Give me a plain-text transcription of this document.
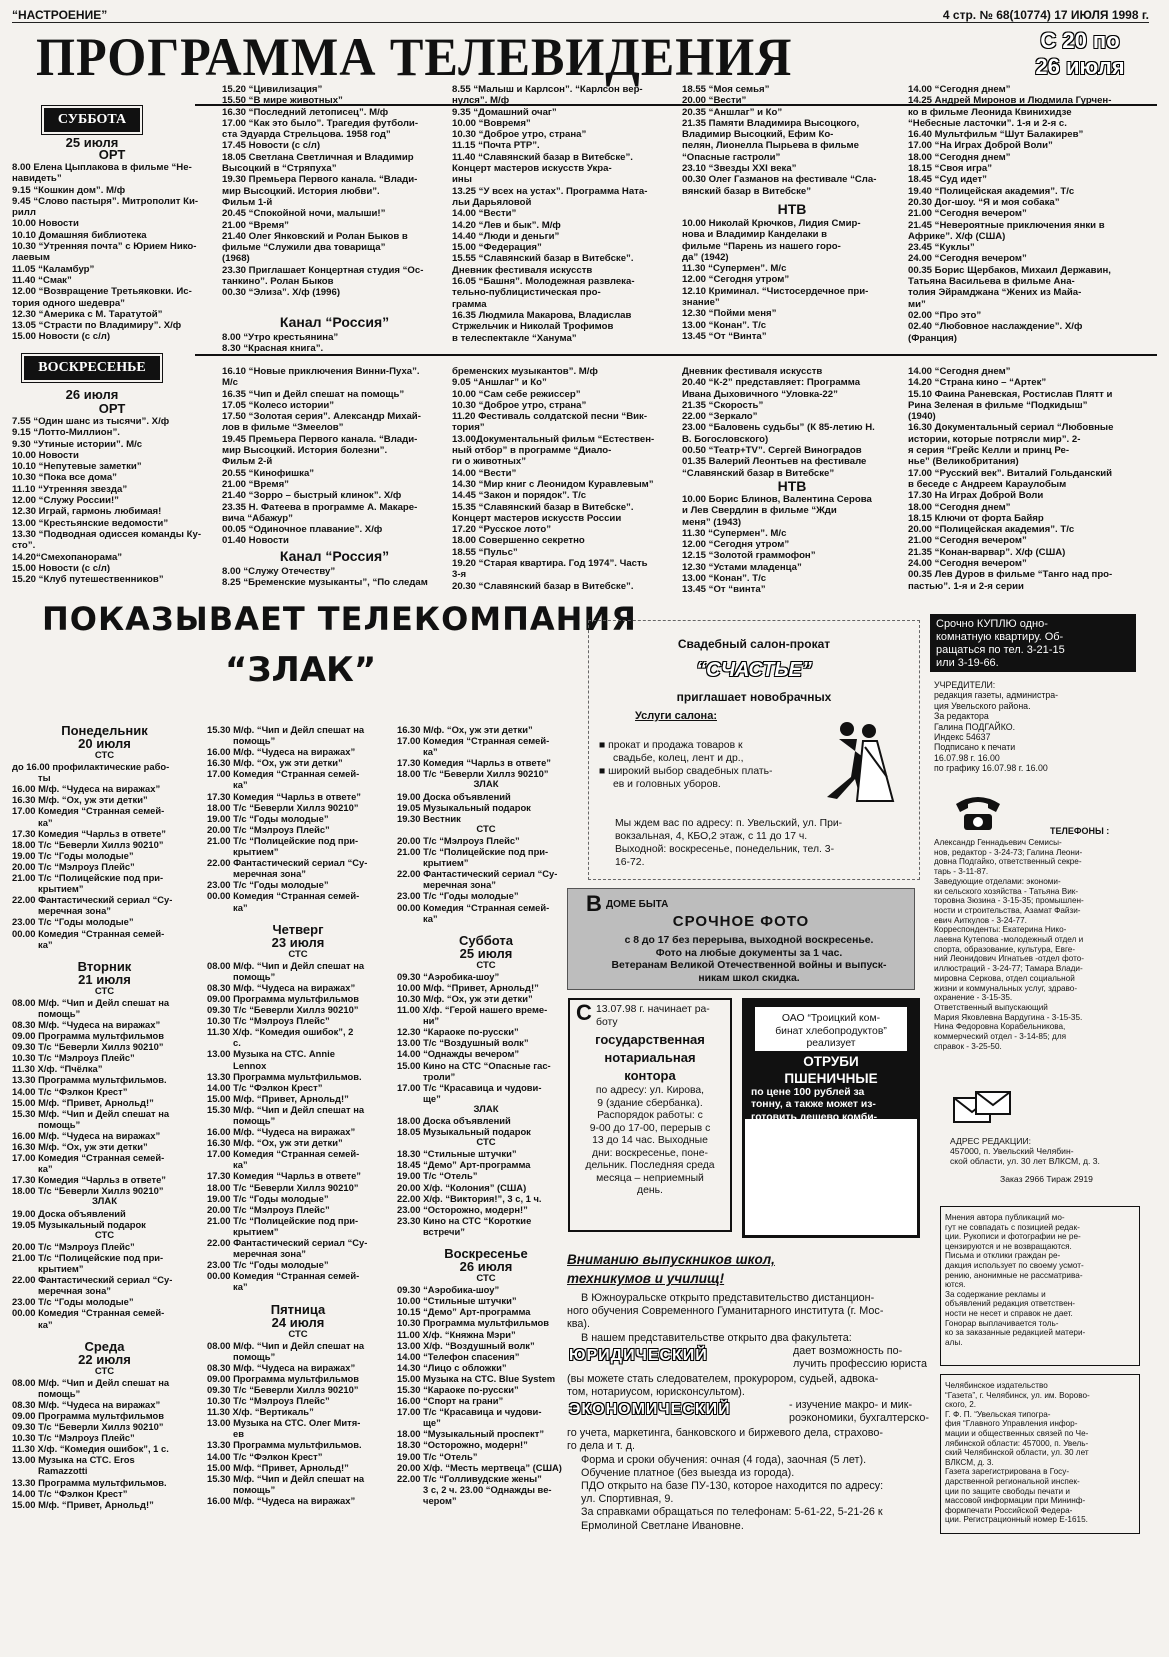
“НАСТРОЕНИЕ”	4 стр. № 68(10774) 17 ИЮЛЯ 1998 г.
ПРОГРАММА ТЕЛЕВИДЕНИЯ	С 20 по
26 июля
СУББОТА
25 июля
ОРТ
8.00 Елена Цыплакова в фильме “Не-
навидеть”
9.15 “Кошкин дом”. М/ф
9.45 “Слово пастыря”. Митрополит Ки-
рилл
10.00 Новости
10.10 Домашняя библиотека
10.30 “Утренняя почта” с Юрием Нико-
лаевым
11.05 “Каламбур”
11.40 “Смак”
12.00 “Возвращение Третьяковки. Ис-
тория одного шедевра”
12.30 “Америка с М. Таратутой”
13.05 “Страсти по Владимиру”. Х/ф
15.00 Новости (с с/л)
15.20 “Цивилизация”
15.50 “В мире животных”
16.30 “Последний летописец”. М/ф
17.00 “Как это было”. Трагедия футболи-
ста Эдуарда Стрельцова. 1958 год”
17.45 Новости (с с/л)
18.05 Светлана Светличная и Владимир
Высоцкий в “Стряпуха”
19.30 Премьера Первого канала. “Влади-
мир Высоцкий. История любви”.
Фильм 1-й
20.45 “Спокойной ночи, малыши!”
21.00 “Время”
21.40 Олег Янковский и Ролан Быков в
фильме “Служили два товарища”
(1968)
23.30 Приглашает Концертная студия “Ос-
танкино”. Ролан Быков
00.30 “Элиза”. Х/ф (1996)
Канал “Россия”
8.00 “Утро крестьянина”
8.30 “Красная книга”.
8.55 “Малыш и Карлсон”. “Карлсон вер-
нулся”. М/ф
9.35 “Домашний очаг”
10.00 “Вовремя”
10.30 “Доброе утро, страна”
11.15 “Почта РТР”.
11.40 “Славянский базар в Витебске”.
Концерт мастеров искусств Укра-
ины
13.25 “У всех на устах”. Программа Ната-
льи Дарьяловой
14.00 “Вести”
14.20 “Лев и бык”. М/ф
14.40 “Люди и деньги”
15.00 “Федерация”
15.55 “Славянский базар в Витебске”.
Дневник фестиваля искусств
16.05 “Башня”. Молодежная развлека-
тельно-публицистическая про-
грамма
16.35 Людмила Макарова, Владислав
Стржельчик и Николай Трофимов
в телеспектакле “Ханума”
18.55 “Моя семья”
20.00 “Вести”
20.35 “Аншлаг” и Ко”
21.35 Памяти Владимира Высоцкого,
Владимир Высоцкий, Ефим Ко-
пелян, Лионелла Пырьева в фильме
“Опасные гастроли”
23.10 “Звезды XXI века”
00.30 Олег Газманов на фестивале “Сла-
вянский базар в Витебске”
НТВ
10.00 Николай Крючков, Лидия Смир-
нова и Владимир Канделаки в
фильме “Парень из нашего горо-
да” (1942)
11.30 “Супермен”. М/с
12.00 “Сегодня утром”
12.10 Криминал. “Чистосердечное при-
знание”
12.30 “Пойми меня”
13.00 “Конан”. Т/с
13.45 “От “Винта”
14.00 “Сегодня днем”
14.25 Андрей Миронов и Людмила Гурчен-
ко в фильме Леонида Квинихидзе
“Небесные ласточки”. 1-я и 2-я с.
16.40 Мультфильм “Шут Балакирев”
17.00 “На Играх Доброй Воли”
18.00 “Сегодня днем”
18.15 “Своя игра”
18.45 “Суд идет”
19.40 “Полицейская академия”. Т/с
20.30 Дог-шоу. “Я и моя собака”
21.00 “Сегодня вечером”
21.45 “Невероятные приключения янки в
Африке”. Х/ф (США)
23.45 “Куклы”
24.00 “Сегодня вечером”
00.35 Борис Щербаков, Михаил Державин,
Татьяна Васильева в фильме Ана-
толия Эйрамджана “Жених из Майа-
ми”
02.00 “Про это”
02.40 “Любовное наслаждение”. Х/ф
(Франция)
ВОСКРЕСЕНЬЕ
26 июля
ОРТ
7.55 “Один шанс из тысячи”. Х/ф
9.15 “Лотто-Миллион”.
9.30 “Утиные истории”. М/с
10.00 Новости
10.10 “Непутевые заметки”
10.30 “Пока все дома”
11.10 “Утренняя звезда”
12.00 “Служу России!”
12.30 Играй, гармонь любимая!
13.00 “Крестьянские ведомости”
13.30 “Подводная одиссея команды Ку-
сто”.
14.20“Смехопанорама”
15.00 Новости (с с/л)
15.20 “Клуб путешественников”
16.10 “Новые приключения Винни-Пуха”.
М/с
16.35 “Чип и Дейл спешат на помощь”
17.05 “Колесо истории”
17.50 “Золотая серия”. Александр Михай-
лов в фильме “Змеелов”
19.45 Премьера Первого канала. “Влади-
мир Высоцкий. История болезни”.
Фильм 2-й
20.55 “Кинофишка”
21.00 “Время”
21.40 “Зорро – быстрый клинок”. Х/ф
23.35 Н. Фатеева в программе А. Макаре-
вича “Абажур”
00.05 “Одиночное плавание”. Х/ф
01.40 Новости
Канал “Россия”
8.00 “Служу Отечеству”
8.25 “Бременские музыканты”, “По следам
бременских музыкантов”. М/ф
9.05 “Аншлаг” и Ко”
10.00 “Сам себе режиссер”
10.30 “Доброе утро, страна”
11.20 Фестиваль солдатской песни “Вик-
тория”
13.00Документальный фильм “Естествен-
ный отбор” в программе “Диало-
ги о животных”
14.00 “Вести”
14.30 “Мир книг с Леонидом Куравлевым”
14.45 “Закон и порядок”. Т/с
15.35 “Славянский базар в Витебске”.
Концерт мастеров искусств России
17.20 “Русское лото”
18.00 Совершенно секретно
18.55 “Пульс”
19.20 “Старая квартира. Год 1974”. Часть
3-я
20.30 “Славянский базар в Витебске”.
Дневник фестиваля искусств
20.40 “К-2” представляет: Программа
Ивана Дыховичного “Уловка-22”
21.35 “Скорость”
22.00 “Зеркало”
23.00 “Баловень судьбы” (К 85-летию Н.
В. Богословского)
00.50 “Театр+TV”. Сергей Виноградов
01.35 Валерий Леонтьев на фестивале
“Славянский базар в Витебске”
НТВ
10.00 Борис Блинов, Валентина Серова
и Лев Свердлин в фильме “Жди
меня” (1943)
11.30 “Супермен”. М/с
12.00 “Сегодня утром”
12.15 “Золотой граммофон”
12.30 “Устами младенца”
13.00 “Конан”. Т/с
13.45 “От “винта”
14.00 “Сегодня днем”
14.20 “Страна кино – “Артек”
15.10 Фаина Раневская, Ростислав Плятт и
Рина Зеленая в фильме “Подкидыш”
(1940)
16.30 Документальный сериал “Любовные
истории, которые потрясли мир”. 2-
я серия “Грейс Келли и принц Ре-
нье” (Великобритания)
17.00 “Русский век”. Виталий Гольданский
в беседе с Андреем Караулобым
17.30 На Играх Доброй Воли
18.00 “Сегодня днем”
18.15 Ключи от форта Байяр
20.00 “Полицейская академия”. Т/с
21.00 “Сегодня вечером”
21.35 “Конан-варвар”. Х/ф (США)
24.00 “Сегодня вечером”
00.35 Лев Дуров в фильме “Танго над про-
пастью”. 1-я и 2-я серии
ПОКАЗЫВАЕТ ТЕЛЕКОМПАНИЯ
“ЗЛАК”
Понедельник
20 июля
СТС
до 16.00 профилактические рабо-
ты
16.00 М/ф. “Чудеса на виражах”
16.30 М/ф. “Ох, уж эти детки”
17.00 Комедия “Странная семей-
ка”
17.30 Комедия “Чарльз в ответе”
18.00 Т/с “Беверли Хиллз 90210”
19.00 Т/с “Годы молодые”
20.00 Т/с “Мэлроуз Плейс”
21.00 Т/с “Полицейские под при-
крытием”
22.00 Фантастический сериал “Су-
меречная зона”
23.00 Т/с “Годы молодые”
00.00 Комедия “Странная семей-
ка”
Вторник
21 июля
СТС
08.00 М/ф. “Чип и Дейл спешат на
помощь”
08.30 М/ф. “Чудеса на виражах”
09.00 Программа мультфильмов
09.30 Т/с “Беверли Хиллз 90210”
10.30 Т/с “Мэлроуз Плейс”
11.30 Х/ф. “Пчёлка”
13.30 Программа мультфильмов.
14.00 Т/с “Фэлкон Крест”
15.00 М/ф. “Привет, Арнольд!”
15.30 М/ф. “Чип и Дейл спешат на
помощь”
16.00 М/ф. “Чудеса на виражах”
16.30 М/ф. “Ох, уж эти детки”
17.00 Комедия “Странная семей-
ка”
17.30 Комедия “Чарльз в ответе”
18.00 Т/с “Беверли Хиллз 90210”
ЗЛАК
19.00 Доска объявлений
19.05 Музыкальный подарок
СТС
20.00 Т/с “Мэлроуз Плейс”
21.00 Т/с “Полицейские под при-
крытием”
22.00 Фантастический сериал “Су-
меречная зона”
23.00 Т/с “Годы молодые”
00.00 Комедия “Странная семей-
ка”
Среда
22 июля
СТС
08.00 М/ф. “Чип и Дейл спешат на
помощь”
08.30 М/ф. “Чудеса на виражах”
09.00 Программа мультфильмов
09.30 Т/с “Беверли Хиллз 90210”
10.30 Т/с “Мэлроуз Плейс”
11.30 Х/ф. “Комедия ошибок”, 1 с.
13.00 Музыка на СТС. Eros
Ramazzotti
13.30 Программа мультфильмов.
14.00 Т/с “Фэлкон Крест”
15.00 М/ф. “Привет, Арнольд!”
15.30 М/ф. “Чип и Дейл спешат на
помощь”
16.00 М/ф. “Чудеса на виражах”
16.30 М/ф. “Ох, уж эти детки”
17.00 Комедия “Странная семей-
ка”
17.30 Комедия “Чарльз в ответе”
18.00 Т/с “Беверли Хиллз 90210”
19.00 Т/с “Годы молодые”
20.00 Т/с “Мэлроуз Плейс”
21.00 Т/с “Полицейские под при-
крытием”
22.00 Фантастический сериал “Су-
меречная зона”
23.00 Т/с “Годы молодые”
00.00 Комедия “Странная семей-
ка”
Четверг
23 июля
СТС
08.00 М/ф. “Чип и Дейл спешат на
помощь”
08.30 М/ф. “Чудеса на виражах”
09.00 Программа мультфильмов
09.30 Т/с “Беверли Хиллз 90210”
10.30 Т/с “Мэлроуз Плейс”
11.30 Х/ф. “Комедия ошибок”, 2
с.
13.00 Музыка на СТС. Annie
Lennox
13.30 Программа мультфильмов.
14.00 Т/с “Фэлкон Крест”
15.00 М/ф. “Привет, Арнольд!”
15.30 М/ф. “Чип и Дейл спешат на
помощь”
16.00 М/ф. “Чудеса на виражах”
16.30 М/ф. “Ох, уж эти детки”
17.00 Комедия “Странная семей-
ка”
17.30 Комедия “Чарльз в ответе”
18.00 Т/с “Беверли Хиллз 90210”
19.00 Т/с “Годы молодые”
20.00 Т/с “Мэлроуз Плейс”
21.00 Т/с “Полицейские под при-
крытием”
22.00 Фантастический сериал “Су-
меречная зона”
23.00 Т/с “Годы молодые”
00.00 Комедия “Странная семей-
ка”
Пятница
24 июля
СТС
08.00 М/ф. “Чип и Дейл спешат на
помощь”
08.30 М/ф. “Чудеса на виражах”
09.00 Программа мультфильмов
09.30 Т/с “Беверли Хиллз 90210”
10.30 Т/с “Мэлроуз Плейс”
11.30 Х/ф. “Вертикаль”
13.00 Музыка на СТС. Олег Митя-
ев
13.30 Программа мультфильмов.
14.00 Т/с “Фэлкон Крест”
15.00 М/ф. “Привет, Арнольд!”
15.30 М/ф. “Чип и Дейл спешат на
помощь”
16.00 М/ф. “Чудеса на виражах”
16.30 М/ф. “Ох, уж эти детки”
17.00 Комедия “Странная семей-
ка”
17.30 Комедия “Чарльз в ответе”
18.00 Т/с “Беверли Хиллз 90210”
ЗЛАК
19.00 Доска объявлений
19.05 Музыкальный подарок
19.30 Вестник
СТС
20.00 Т/с “Мэлроуз Плейс”
21.00 Т/с “Полицейские под при-
крытием”
22.00 Фантастический сериал “Су-
меречная зона”
23.00 Т/с “Годы молодые”
00.00 Комедия “Странная семей-
ка”
Суббота
25 июля
СТС
09.30 “Аэробика-шоу”
10.00 М/ф. “Привет, Арнольд!”
10.30 М/ф. “Ох, уж эти детки”
11.00 Х/ф. “Герой нашего време-
ни”
12.30 “Караоке по-русски”
13.00 Т/с “Воздушный волк”
14.00 “Однажды вечером”
15.00 Кино на СТС “Опасные гас-
троли”
17.00 Т/с “Красавица и чудови-
ще”
ЗЛАК
18.00 Доска объявлений
18.05 Музыкальный подарок
СТС
18.30 “Стильные штучки”
18.45 “Демо” Арт-программа
19.00 Т/с “Отель”
20.00 Х/ф. “Колония” (США)
22.00 Х/ф. “Виктория!”, 3 с, 1 ч.
23.00 “Осторожно, модерн!”
23.30 Кино на СТС “Короткие
встречи”
Воскресенье
26 июля
СТС
09.30 “Аэробика-шоу”
10.00 “Стильные штучки”
10.15 “Демо” Арт-программа
10.30 Программа мультфильмов
11.00 Х/ф. “Княжна Мэри”
13.00 Х/ф. “Воздушный волк”
14.00 “Телефон спасения”
14.30 “Лицо с обложки”
15.00 Музыка на СТС. Blue System
15.30 “Караоке по-русски”
16.00 “Спорт на грани”
17.00 Т/с “Красавица и чудови-
ще”
18.00 “Музыкальный проспект”
18.30 “Осторожно, модерн!”
19.00 Т/с “Отель”
20.00 Х/ф. “Месть мертвеца” (США)
22.00 Т/с “Голливудские жены”
3 с, 2 ч. 23.00 “Однажды ве-
чером”
Свадебный салон-прокат
“СЧАСТЬЕ”
приглашает новобрачных
Услуги салона:
■ прокат и продажа товаров к
свадьбе, колец, лент и др.,
■ широкий выбор свадебных плать-
ев и головных уборов.
Мы ждем вас по адресу: п. Увельский, ул. При-
вокзальная, 4, КБО,2 этаж, с 11 до 17 ч.
Выходной: воскресенье, понедельник, тел. 3-
16-72.
Срочно КУПЛЮ одно-
комнатную квартиру. Об-
ращаться по тел. 3-21-15
или 3-19-66.
УЧРЕДИТЕЛИ:
редакция газеты, администра-
ция Увельского района.
За редактора
Галина ПОДГАЙКО.
Индекс 54637
Подписано к печати
16.07.98 г. 16.00
по графику 16.07.98 г. 16.00
ТЕЛЕФОНЫ :
Александр Геннадьевич Семисы-
нов, редактор - 3-24-73; Галина Леони-
довна Подгайко, ответственный секре-
тарь - 3-11-87.
Заведующие отделами: экономи-
ки сельского хозяйства - Татьяна Вик-
торовна Зюзина - 3-15-35; промышлен-
ности и строительства, Азамат Файзи-
евич Аиткулов - 3-24-77.
Корреспонденты: Екатерина Нико-
лаевна Кутепова -молодежный отдел и
спорта, образование, культура, Евге-
ний Леонидович Игнатьев -отдел фото-
иллюстраций - 3-24-77; Тамара Влади-
мировна Серкова, отдел социальной
жизни и коммунальных услуг, здраво-
охранение - 3-15-35.
Ответственный выпускающий
Мария Яковлевна Вардугина - 3-15-35.
Нина Федоровна Корабельникова,
коммерческий отдел - 3-14-85; для
справок - 3-25-50.
В ДОМЕ БЫТА
СРОЧНОЕ ФОТО
с 8 до 17 без перерыва, выходной воскресенье.
Фото на любые документы за 1 час.
Ветеранам Великой Отечественной войны и выпуск-
никам школ скидка.
С 13.07.98 г. начинает ра-
боту
государственная
нотариальная
контора
по адресу: ул. Кирова,
9 (здание сбербанка).
Распорядок работы: с
9-00 до 17-00, перерыв с
13 до 14 час. Выходные
дни: воскресенье, поне-
дельник. Последняя среда
месяца – неприемный
день.
ОАО “Троицкий ком-
бинат хлебопродуктов”
реализует
ОТРУБИ
ПШЕНИЧНЫЕ
по цене 100 рублей за
тонну, а также может из-
готовить дешево комби-
корма для крупного ро-
гатого скота.
Обращаться: г. Тро-
ицк, Челябинской обл.,
ул. Элеваторная, 1, теле-
фоны: 2-65-73, 2-78-22.
АДРЕС РЕДАКЦИИ:
457000, п. Увельский Челябин-
ской области, ул. 30 лет ВЛКСМ, д. 3.
Заказ 2966 Тираж 2919
Мнения автора публикаций мо-
гут не совпадать с позицией редак-
ции. Рукописи и фотографии не ре-
цензируются и не возвращаются.
Письма и отклики граждан ре-
дакция использует по своему усмот-
рению, анонимные не рассматрива-
ются.
За содержание рекламы и
объявлений редакция ответствен-
ности не несет и справок не дает.
Гонорар выплачивается толь-
ко за заказанные редакцией матери-
алы.
Челябинское издательство
“Газета”, г. Челябинск, ул. им. Ворово-
ского, 2.
Г. Ф. П. “Увельская типогра-
фия “Главного Управления инфор-
мации и общественных связей по Че-
лябинской области: 457000, п. Увель-
ский Челябинской области, ул. 30 лет
ВЛКСМ, д. 3.
Газета зарегистрирована в Госу-
дарственной региональной инспек-
ции по защите свободы печати и
массовой информации при Мининф-
формпечати Российской Федера-
ции. Регистрационный номер Е-1615.
Вниманию выпускников школ,
техникумов и училищ!
В Южноуральске открыто представительство дистанцион-
ного обучения Современного Гуманитарного института (г. Мос-
ква).
В нашем представительстве открыто два факультета:
ЮРИДИЧЕСКИЙ	дает возможность по-
лучить профессию юриста
(вы можете стать следователем, прокурором, судьей, адвока-
том, нотариусом, юрисконсультом).
ЭКОНОМИЧЕСКИЙ	- изучение макро- и мик-
роэкономики, бухгалтерско-
го учета, маркетинга, банковского и биржевого дела, страхово-
го дела и т. д.
Форма и сроки обучения: очная (4 года), заочная (5 лет).
Обучение платное (без выезда из города).
ПДО открыто на базе ПУ-130, которое находится по адресу:
ул. Спортивная, 9.
За справками обращаться по телефонам: 5-61-22, 5-21-26 к
Ермолиной Светлане Ивановне.
